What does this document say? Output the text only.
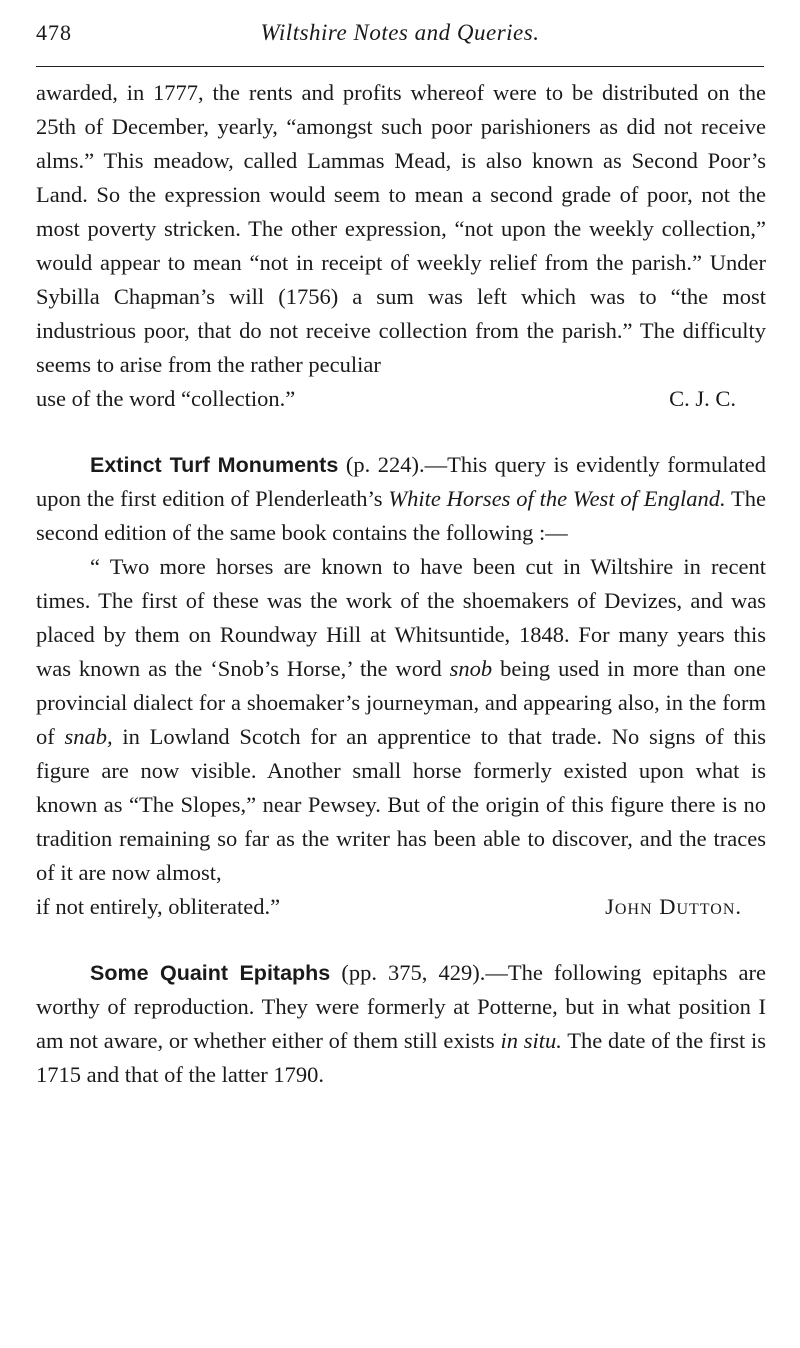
478	Wiltshire Notes and Queries.

awarded, in 1777, the rents and profits whereof were to be distributed on the 25th of December, yearly, “amongst such poor parishioners as did not receive alms.” This meadow, called Lammas Mead, is also known as Second Poor’s Land. So the expression would seem to mean a second grade of poor, not the most poverty stricken. The other expression, “not upon the weekly collection,” would appear to mean “not in receipt of weekly relief from the parish.” Under Sybilla Chapman’s will (1756) a sum was left which was to “the most industrious poor, that do not receive collection from the parish.” The difficulty seems to arise from the rather peculiar

use of the word “collection.”	C. J. C.

Extinct Turf Monuments (p. 224).—This query is evidently formulated upon the first edition of Plenderleath’s White Horses of the West of England. The second edition of the same book contains the following :—

“ Two more horses are known to have been cut in Wiltshire in recent times. The first of these was the work of the shoemakers of Devizes, and was placed by them on Roundway Hill at Whitsuntide, 1848. For many years this was known as the ‘Snob’s Horse,’ the word snob being used in more than one provincial dialect for a shoemaker’s journeyman, and appearing also, in the form of snab, in Lowland Scotch for an apprentice to that trade. No signs of this figure are now visible. Another small horse formerly existed upon what is known as “The Slopes,” near Pewsey. But of the origin of this figure there is no tradition remaining so far as the writer has been able to discover, and the traces of it are now almost,

if not entirely, obliterated.”	John Dutton.

Some Quaint Epitaphs (pp. 375, 429).—The following epitaphs are worthy of reproduction. They were formerly at Potterne, but in what position I am not aware, or whether either of them still exists in situ. The date of the first is 1715 and that of the latter 1790.
